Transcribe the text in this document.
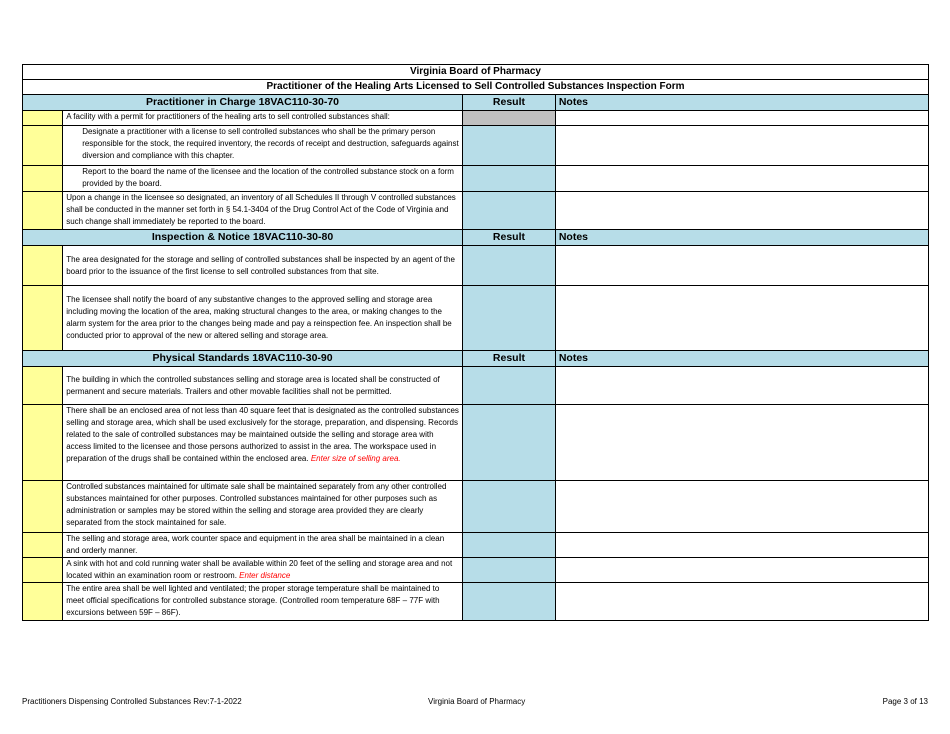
Virginia Board of Pharmacy			
Practitioner of the Healing Arts Licensed to Sell Controlled Substances Inspection Form			
Practitioner in Charge 18VAC110-30-70		Result	Notes
	A facility with a permit for practitioners of the healing arts to sell controlled substances shall:		
	Designate a practitioner with a license to sell controlled substances who shall be the primary person responsible for the stock, the required inventory, the records of receipt and destruction, safeguards against diversion and compliance with this chapter.		
	Report to the board the name of the licensee and the location of the controlled substance stock on a form provided by the board.		
	Upon a change in the licensee so designated, an inventory of all Schedules II through V controlled substances shall be conducted in the manner set forth in § 54.1-3404 of the Drug Control Act of the Code of Virginia and such change shall immediately be reported to the board.		
Inspection & Notice 18VAC110-30-80		Result	Notes
	The area designated for the storage and selling of controlled substances shall be inspected by an agent of the board prior to the issuance of the first license to sell controlled substances from that site.		
	The licensee shall notify the board of any substantive changes to the approved selling and storage area including moving the location of the area, making structural changes to the area, or making changes to the alarm system for the area prior to the changes being made and pay a reinspection fee. An inspection shall be conducted prior to approval of the new or altered selling and storage area.		
Physical Standards 18VAC110-30-90		Result	Notes
	The building in which the controlled substances selling and storage area is located shall be constructed of permanent and secure materials. Trailers and other movable facilities shall not be permitted.		
	There shall be an enclosed area of not less than 40 square feet that is designated as the controlled substances selling and storage area, which shall be used exclusively for the storage, preparation, and dispensing. Records related to the sale of controlled substances may be maintained outside the selling and storage area with access limited to the licensee and those persons authorized to assist in the area. The workspace used in preparation of the drugs shall be contained within the enclosed area. Enter size of selling area.		
	Controlled substances maintained for ultimate sale shall be maintained separately from any other controlled substances maintained for other purposes. Controlled substances maintained for other purposes such as administration or samples may be stored within the selling and storage area provided they are clearly separated from the stock maintained for sale.		
	The selling and storage area, work counter space and equipment in the area shall be maintained in a clean and orderly manner.		
	A sink with hot and cold running water shall be available within 20 feet of the selling and storage area and not located within an examination room or restroom. Enter distance		
	The entire area shall be well lighted and ventilated; the proper storage temperature shall be maintained to meet official specifications for controlled substance storage. (Controlled room temperature 68F – 77F with excursions between 59F – 86F).		
Practitioners Dispensing Controlled Substances Rev:7-1-2022	Virginia Board of Pharmacy	Page 3 of 13
